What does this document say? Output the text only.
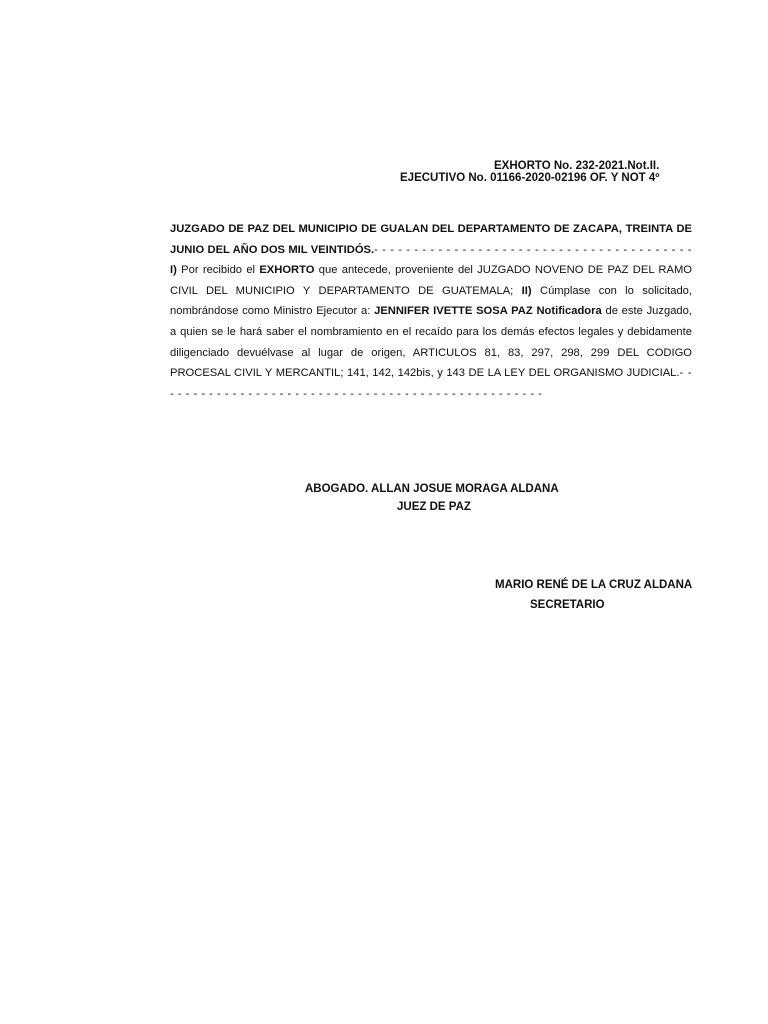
EXHORTO No. 232-2021.Not.II.
EJECUTIVO No. 01166-2020-02196 OF. Y NOT 4º

JUZGADO DE PAZ DEL MUNICIPIO DE GUALAN DEL DEPARTAMENTO DE ZACAPA, TREINTA DE JUNIO DEL AÑO DOS MIL VEINTIDÓS.- - - - - - - - - - - - - - - - - - - - - - - - - - - - - - - - - - - - - - - - I) Por recibido el EXHORTO que antecede, proveniente del JUZGADO NOVENO DE PAZ DEL RAMO CIVIL DEL MUNICIPIO Y DEPARTAMENTO DE GUATEMALA; II) Cúmplase con lo solicitado, nombrándose como Ministro Ejecutor a: JENNIFER IVETTE SOSA PAZ Notificadora de este Juzgado, a quien se le hará saber el nombramiento en el recaído para los demás efectos legales y debidamente diligenciado devuélvase al lugar de origen, ARTICULOS 81, 83, 297, 298, 299 DEL CODIGO PROCESAL CIVIL Y MERCANTIL; 141, 142, 142bis, y 143 DE LA LEY DEL ORGANISMO JUDICIAL.- - - - - - - - - - - - - - - - - - - - - - - - - - - - - - - - - - - - - - - - - - - - - - - - - -

ABOGADO. ALLAN JOSUE MORAGA ALDANA
JUEZ DE PAZ
MARIO RENÉ DE LA CRUZ ALDANA
SECRETARIO
